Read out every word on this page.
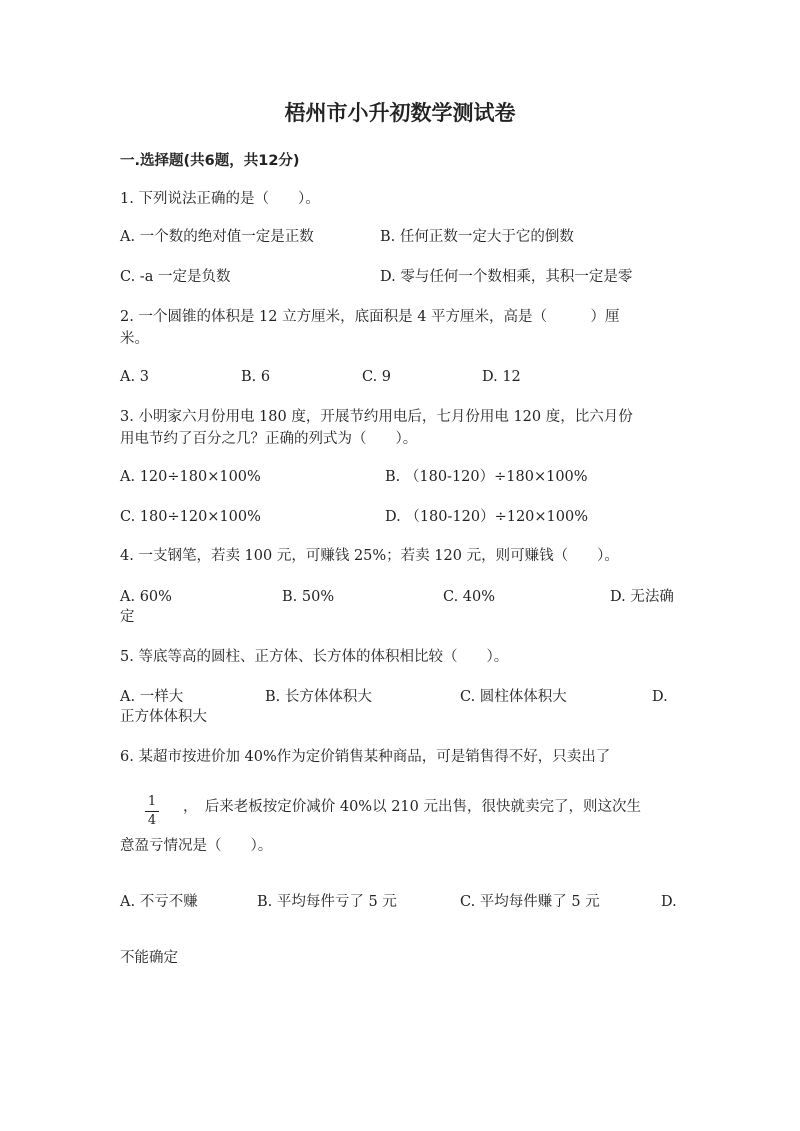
梧州市小升初数学测试卷
一.选择题(共6题，共12分)
1. 下列说法正确的是（　　）。
A. 一个数的绝对值一定是正数	B. 任何正数一定大于它的倒数
C. -a 一定是负数	D. 零与任何一个数相乘，其积一定是零
2. 一个圆锥的体积是 12 立方厘米，底面积是 4 平方厘米，高是（　　　）厘
米。
A. 3	B. 6	C. 9	D. 12
3. 小明家六月份用电 180 度，开展节约用电后，七月份用电 120 度，比六月份
用电节约了百分之几？正确的列式为（　　）。
A. 120÷180×100%	B. （180-120）÷180×100%
C. 180÷120×100%	D. （180-120）÷120×100%
4. 一支钢笔，若卖 100 元，可赚钱 25%；若卖 120 元，则可赚钱（　　）。
A. 60%	B. 50%	C. 40%	D. 无法确
定
5. 等底等高的圆柱、正方体、长方体的体积相比较（　　）。
A. 一样大	B. 长方体体积大	C. 圆柱体体积大	D.
正方体体积大
6. 某超市按进价加 40%作为定价销售某种商品，可是销售得不好，只卖出了
1
4
，　后来老板按定价减价 40%以 210 元出售，很快就卖完了，则这次生
意盈亏情况是（　　）。
A. 不亏不赚	B. 平均每件亏了 5 元	C. 平均每件赚了 5 元	D.
不能确定
